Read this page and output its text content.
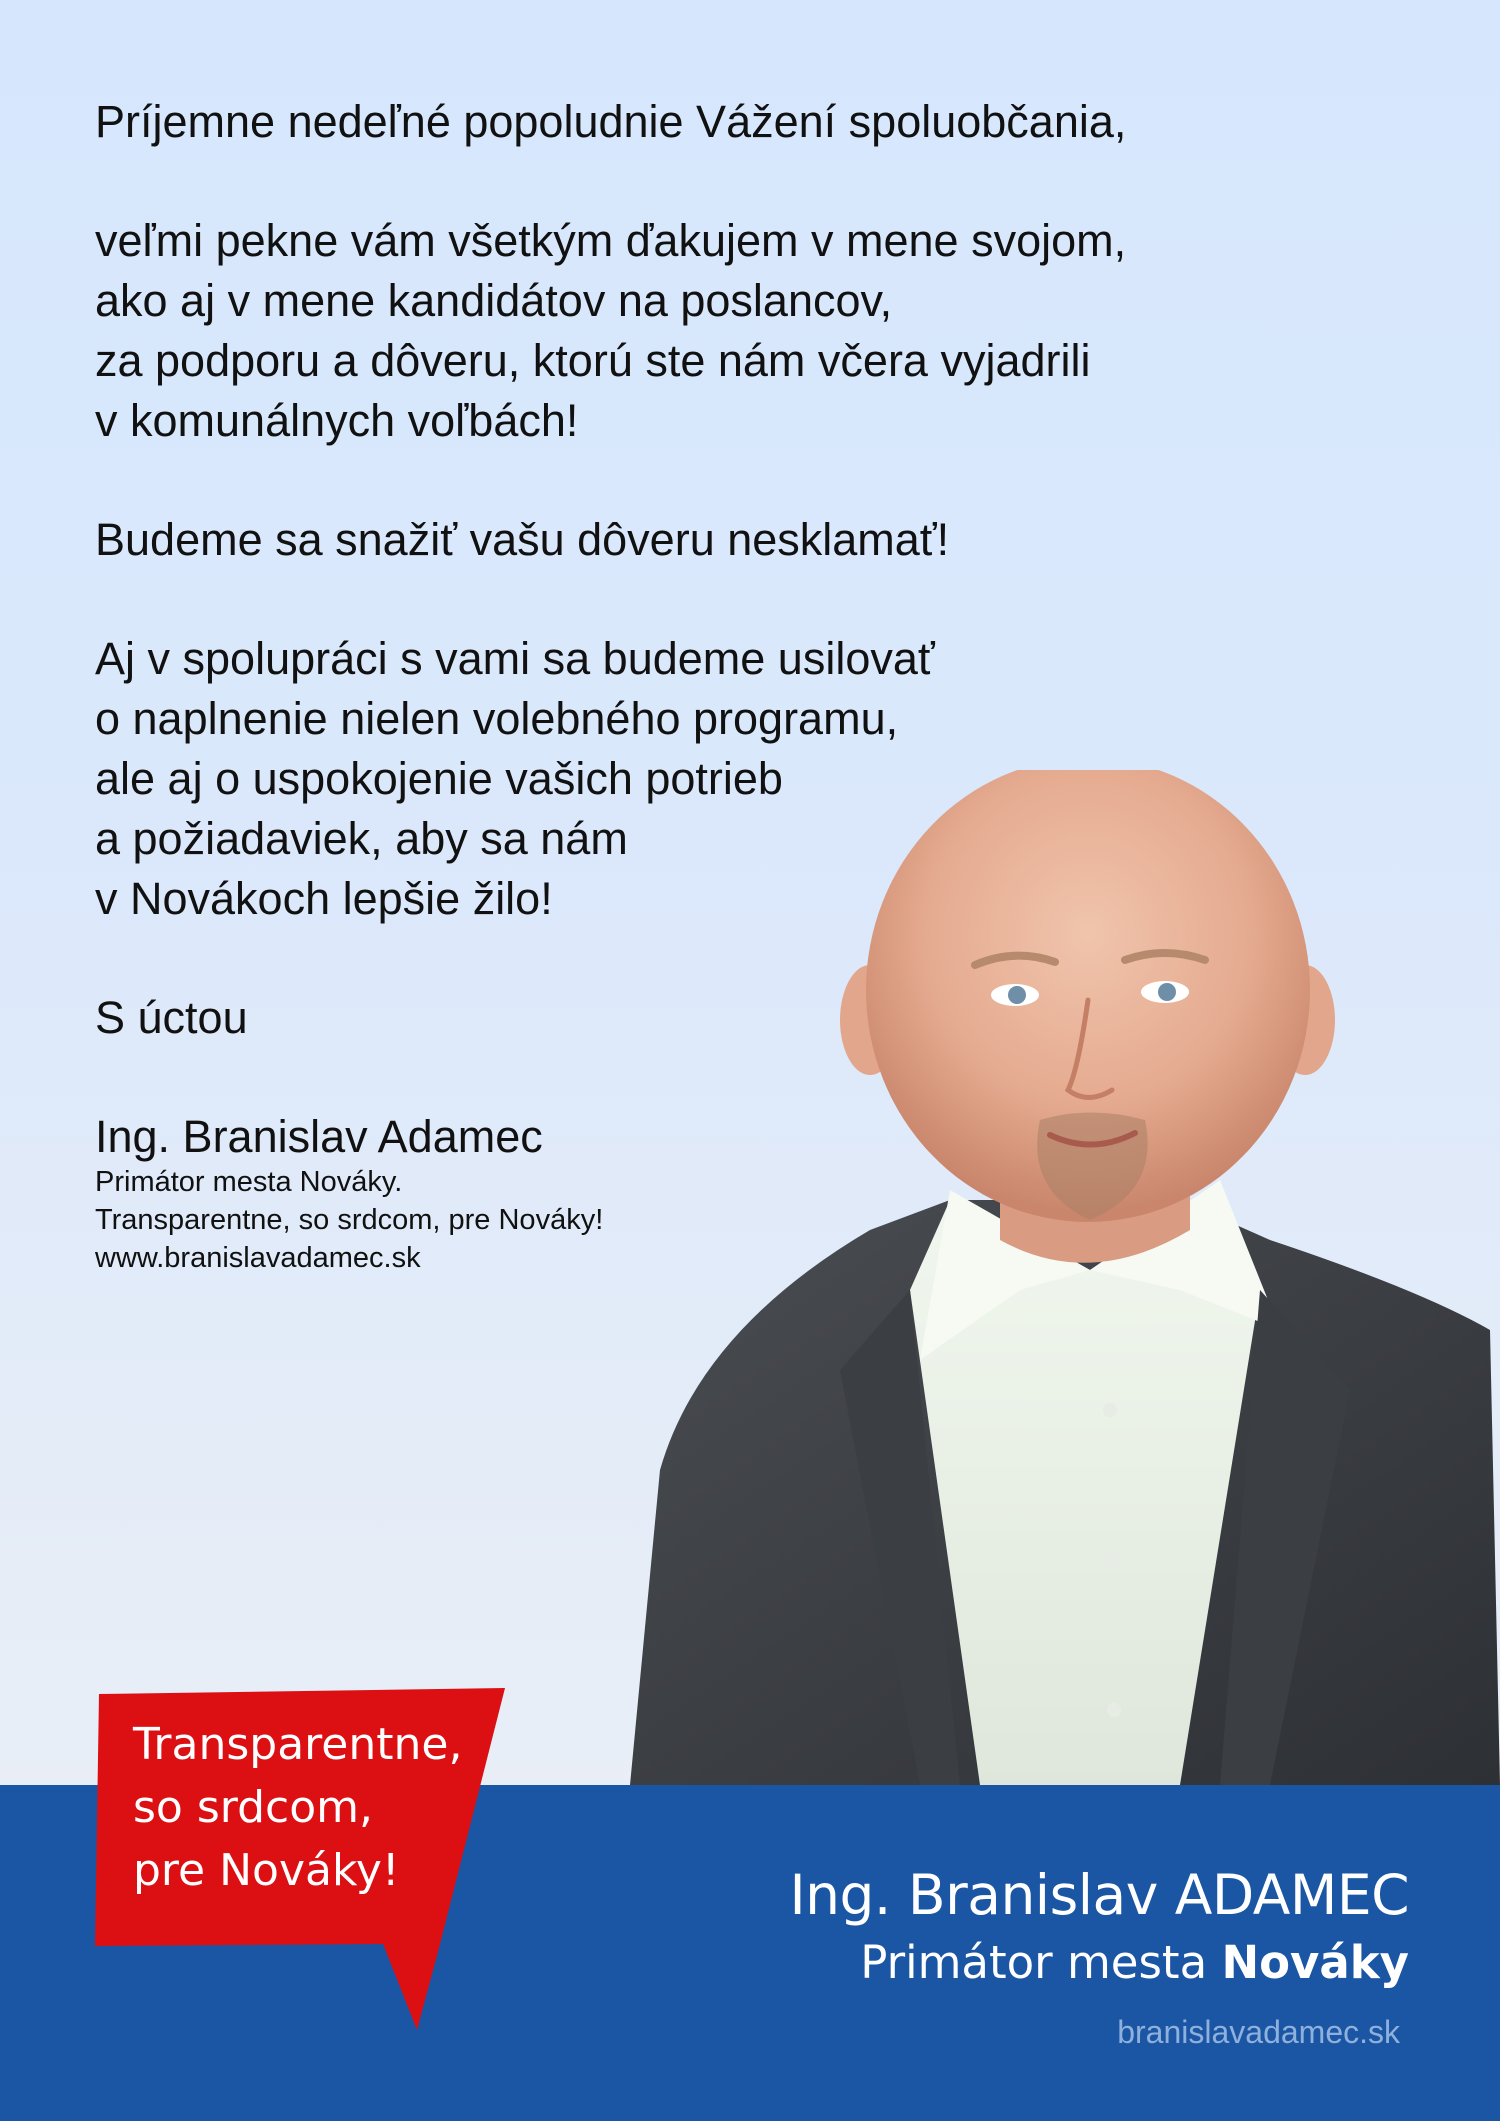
Príjemne nedeľné popoludnie Vážení spoluobčania,

veľmi pekne vám všetkým ďakujem v mene svojom,
ako aj v mene kandidátov na poslancov,
za podporu a dôveru, ktorú ste nám včera vyjadrili
v komunálnych voľbách!

Budeme sa snažiť vašu dôveru nesklamať!

Aj v spolupráci s vami sa budeme usilovať
o naplnenie nielen volebného programu,
ale aj o uspokojenie vašich potrieb
a požiadaviek, aby sa nám
v Novákoch lepšie žilo!

S úctou

Ing. Branislav Adamec
Primátor mesta Nováky.
Transparentne, so srdcom, pre Nováky!
www.branislavadamec.sk
Ing. Branislav ADAMEC
Primátor mesta Nováky
branislavadamec.sk
Transparentne,
so srdcom,
pre Nováky!
